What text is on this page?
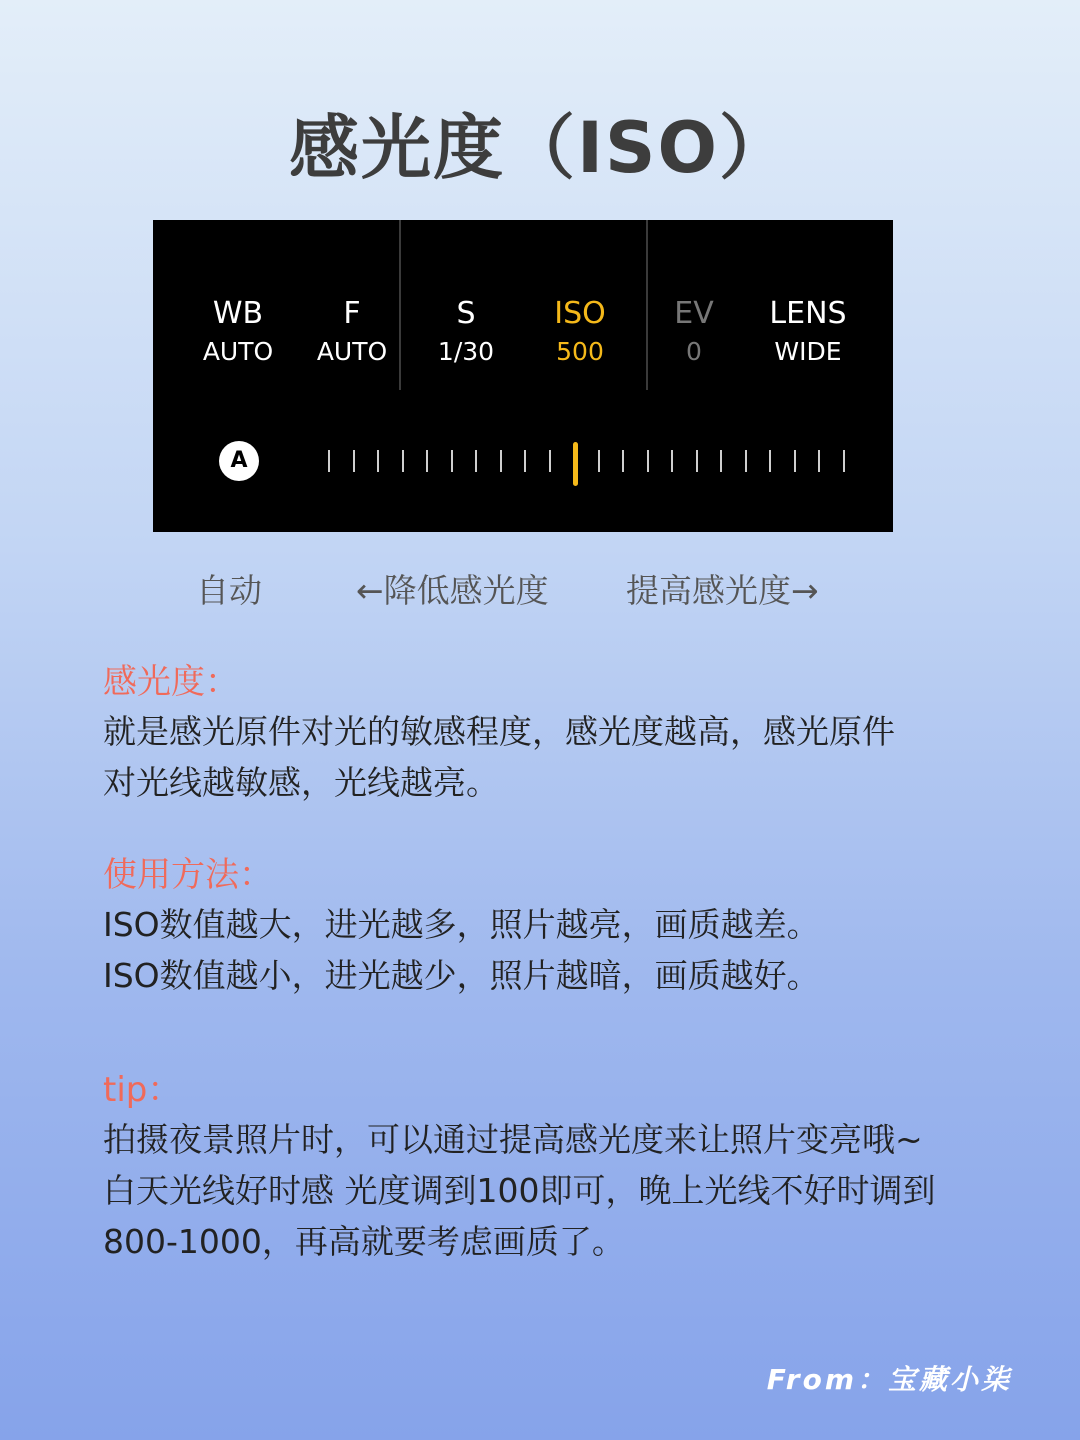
感光度（ISO）
WB
AUTO
F
AUTO
S
1/30
ISO
500
EV
0
LENS
WIDE
A
自动	←降低感光度 提高感光度→

感光度：

就是感光原件对光的敏感程度，感光度越高，感光原件

对光线越敏感，光线越亮。

使用方法：

ISO数值越大，进光越多，照片越亮，画质越差。

ISO数值越小，进光越少，照片越暗，画质越好。

tip：

拍摄夜景照片时，可以通过提高感光度来让照片变亮哦~

白天光线好时感 光度调到100即可，晚上光线不好时调到

800-1000，再高就要考虑画质了。

From：宝藏小柒
